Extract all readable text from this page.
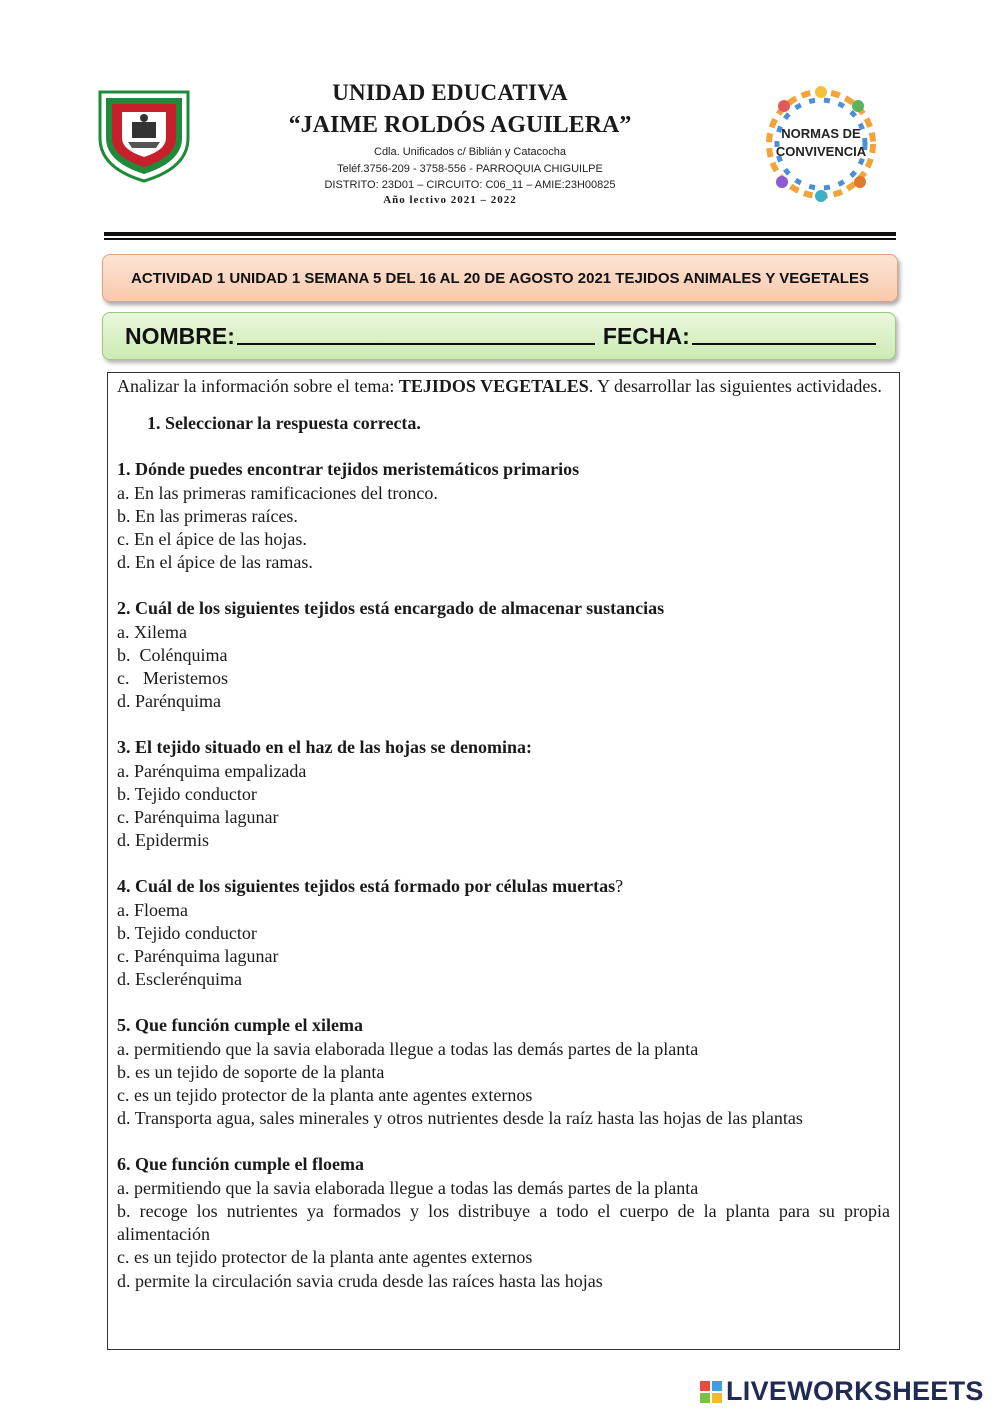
UNIDAD EDUCATIVA
“JAIME ROLDÓS AGUILERA”
Cdla. Unificados c/ Biblián y Catacocha
Teléf.3756-209 - 3758-556 - PARROQUIA CHIGUILPE
DISTRITO: 23D01 – CIRCUITO: C06_11 – AMIE:23H00825
Año lectivo 2021 – 2022
NORMAS DE
CONVIVENCIA
ACTIVIDAD 1 UNIDAD 1 SEMANA 5 DEL 16 AL 20 DE AGOSTO 2021 TEJIDOS ANIMALES Y VEGETALES
NOMBRE:	FECHA:

Analizar la información sobre el tema: TEJIDOS VEGETALES. Y desarrollar las siguientes actividades.

1. Seleccionar la respuesta correcta.

1. Dónde puedes encontrar tejidos meristemáticos primarios

a. En las primeras ramificaciones del tronco.

b. En las primeras raíces.

c. En el ápice de las hojas.

d. En el ápice de las ramas.

2. Cuál de los siguientes tejidos está encargado de almacenar sustancias

a. Xilema

b.  Colénquima

c.   Meristemos

d. Parénquima

3. El tejido situado en el haz de las hojas se denomina:

a. Parénquima empalizada

b. Tejido conductor

c. Parénquima lagunar

d. Epidermis

4. Cuál de los siguientes tejidos está formado por células muertas?

a. Floema

b. Tejido conductor

c. Parénquima lagunar

d. Esclerénquima

5. Que función cumple el xilema

a. permitiendo que la savia elaborada llegue a todas las demás partes de la planta

b. es un tejido de soporte de la planta

c. es un tejido protector de la planta ante agentes externos

d. Transporta agua, sales minerales y otros nutrientes desde la raíz hasta las hojas de las plantas

6. Que función cumple el floema

a. permitiendo que la savia elaborada llegue a todas las demás partes de la planta

b. recoge los nutrientes ya formados y los distribuye a todo el cuerpo de la planta para su propia alimentación

c. es un tejido protector de la planta ante agentes externos

d. permite la circulación savia cruda desde las raíces hasta las hojas

LIVEWORKSHEETS
